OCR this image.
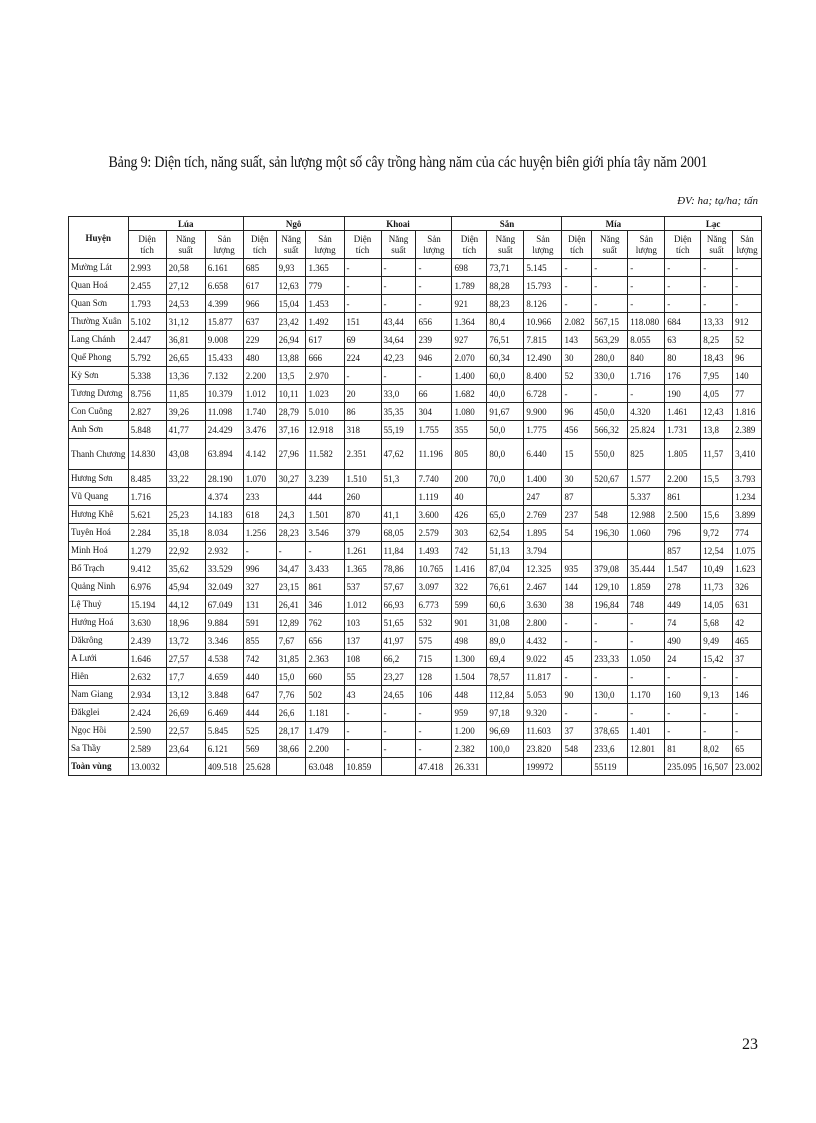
Bảng 9: Diện tích, năng suất, sản lượng một số cây trồng hàng năm của các huyện biên giới phía tây năm 2001
ĐV: ha; tạ/ha; tấn
Huyện	Lúa			Ngô			Khoai			Sắn			Mía			Lạc		
	Diện tích	Năng suất	Sản lượng	Diện tích	Năng suất	Sản lượng	Diện tích	Năng suất	Sản lượng	Diện tích	Năng suất	Sản lượng	Diện tích	Năng suất	Sản lượng	Diện tích	Năng suất	Sản lượng
Mường Lát	2.993	20,58	6.161	685	9,93	1.365	-	-	-	698	73,71	5.145	-	-	-	-	-	-
Quan Hoá	2.455	27,12	6.658	617	12,63	779	-	-	-	1.789	88,28	15.793	-	-	-	-	-	-
Quan Sơn	1.793	24,53	4.399	966	15,04	1.453	-	-	-	921	88,23	8.126	-	-	-	-	-	-
Thường Xuân	5.102	31,12	15.877	637	23,42	1.492	151	43,44	656	1.364	80,4	10.966	2.082	567,15	118.080	684	13,33	912
Lang Chánh	2.447	36,81	9.008	229	26,94	617	69	34,64	239	927	76,51	7.815	143	563,29	8.055	63	8,25	52
Quế Phong	5.792	26,65	15.433	480	13,88	666	224	42,23	946	2.070	60,34	12.490	30	280,0	840	80	18,43	96
Kỳ Sơn	5.338	13,36	7.132	2.200	13,5	2.970	-	-	-	1.400	60,0	8.400	52	330,0	1.716	176	7,95	140
Tương Dương	8.756	11,85	10.379	1.012	10,11	1.023	20	33,0	66	1.682	40,0	6.728	-	-	-	190	4,05	77
Con Cuông	2.827	39,26	11.098	1.740	28,79	5.010	86	35,35	304	1.080	91,67	9.900	96	450,0	4.320	1.461	12,43	1.816
Anh Sơn	5.848	41,77	24.429	3.476	37,16	12.918	318	55,19	1.755	355	50,0	1.775	456	566,32	25.824	1.731	13,8	2.389
Thanh Chương	14.830	43,08	63.894	4.142	27,96	11.582	2.351	47,62	11.196	805	80,0	6.440	15	550,0	825	1.805	11,57	3,410
Hương Sơn	8.485	33,22	28.190	1.070	30,27	3.239	1.510	51,3	7.740	200	70,0	1.400	30	520,67	1.577	2.200	15,5	3.793
Vũ Quang	1.716		4.374	233		444	260		1.119	40		247	87		5.337	861		1.234
Hương Khê	5.621	25,23	14.183	618	24,3	1.501	870	41,1	3.600	426	65,0	2.769	237	548	12.988	2.500	15,6	3.899
Tuyên Hoá	2.284	35,18	8.034	1.256	28,23	3.546	379	68,05	2.579	303	62,54	1.895	54	196,30	1.060	796	9,72	774
Minh Hoá	1.279	22,92	2.932	-	-	-	1.261	11,84	1.493	742	51,13	3.794				857	12,54	1.075
Bố Trạch	9.412	35,62	33.529	996	34,47	3.433	1.365	78,86	10.765	1.416	87,04	12.325	935	379,08	35.444	1.547	10,49	1.623
Quảng Ninh	6.976	45,94	32.049	327	23,15	861	537	57,67	3.097	322	76,61	2.467	144	129,10	1.859	278	11,73	326
Lệ Thuỷ	15.194	44,12	67.049	131	26,41	346	1.012	66,93	6.773	599	60,6	3.630	38	196,84	748	449	14,05	631
Hướng Hoá	3.630	18,96	9.884	591	12,89	762	103	51,65	532	901	31,08	2.800	-	-	-	74	5,68	42
Dăkrông	2.439	13,72	3.346	855	7,67	656	137	41,97	575	498	89,0	4.432	-	-	-	490	9,49	465
A Lưới	1.646	27,57	4.538	742	31,85	2.363	108	66,2	715	1.300	69,4	9.022	45	233,33	1.050	24	15,42	37
Hiên	2.632	17,7	4.659	440	15,0	660	55	23,27	128	1.504	78,57	11.817	-	-	-	-	-	-
Nam Giang	2.934	13,12	3.848	647	7,76	502	43	24,65	106	448	112,84	5.053	90	130,0	1.170	160	9,13	146
Đăkglei	2.424	26,69	6.469	444	26,6	1.181	-	-	-	959	97,18	9.320	-	-	-	-	-	-
Ngọc Hồi	2.590	22,57	5.845	525	28,17	1.479	-	-	-	1.200	96,69	11.603	37	378,65	1.401	-	-	-
Sa Thầy	2.589	23,64	6.121	569	38,66	2.200	-	-	-	2.382	100,0	23.820	548	233,6	12.801	81	8,02	65
Toàn vùng	13.0032		409.518	25.628		63.048	10.859		47.418	26.331		199972		55119		235.095	16,507	23.002
23
